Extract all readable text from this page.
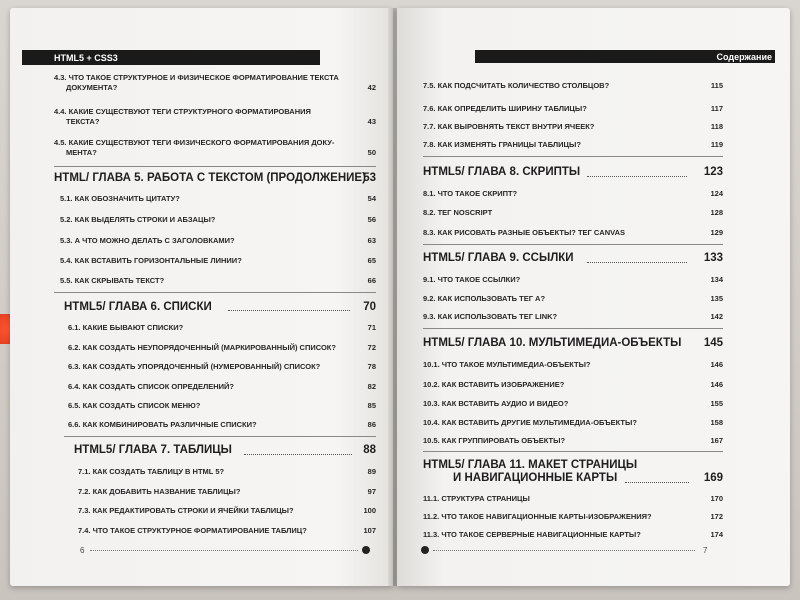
HTML5 + CSS3
4.3. ЧТО ТАКОЕ СТРУКТУРНОЕ И ФИЗИЧЕСКОЕ ФОРМАТИРОВАНИЕ ТЕКСТА
ДОКУМЕНТА?	42
4.4. КАКИЕ СУЩЕСТВУЮТ ТЕГИ СТРУКТУРНОГО ФОРМАТИРОВАНИЯ
ТЕКСТА?	43
4.5. КАКИЕ СУЩЕСТВУЮТ ТЕГИ ФИЗИЧЕСКОГО ФОРМАТИРОВАНИЯ ДОКУ-
МЕНТА?	50
HTML/ ГЛАВА 5. РАБОТА С ТЕКСТОМ (ПРОДОЛЖЕНИЕ)
53
5.1. КАК ОБОЗНАЧИТЬ ЦИТАТУ?	54
5.2. КАК ВЫДЕЛЯТЬ СТРОКИ И АБЗАЦЫ?	56
5.3. А ЧТО МОЖНО ДЕЛАТЬ С ЗАГОЛОВКАМИ?	63
5.4. КАК ВСТАВИТЬ ГОРИЗОНТАЛЬНЫЕ ЛИНИИ?	65
5.5. КАК СКРЫВАТЬ ТЕКСТ?	66
HTML5/ ГЛАВА 6. СПИСКИ	70
6.1. КАКИЕ БЫВАЮТ СПИСКИ?	71
6.2. КАК СОЗДАТЬ НЕУПОРЯДОЧЕННЫЙ (МАРКИРОВАННЫЙ) СПИСОК?	72
6.3. КАК СОЗДАТЬ УПОРЯДОЧЕННЫЙ (НУМЕРОВАННЫЙ) СПИСОК?	78
6.4. КАК СОЗДАТЬ СПИСОК ОПРЕДЕЛЕНИЙ?	82
6.5. КАК СОЗДАТЬ СПИСОК МЕНЮ?	85
6.6. КАК КОМБИНИРОВАТЬ РАЗЛИЧНЫЕ СПИСКИ?	86
HTML5/ ГЛАВА 7. ТАБЛИЦЫ	88
7.1. КАК СОЗДАТЬ ТАБЛИЦУ В HTML 5?	89
7.2. КАК ДОБАВИТЬ НАЗВАНИЕ ТАБЛИЦЫ?	97
7.3. КАК РЕДАКТИРОВАТЬ СТРОКИ И ЯЧЕЙКИ ТАБЛИЦЫ?	100
7.4. ЧТО ТАКОЕ СТРУКТУРНОЕ ФОРМАТИРОВАНИЕ ТАБЛИЦ?	107
6
Содержание
7.5. КАК ПОДСЧИТАТЬ КОЛИЧЕСТВО СТОЛБЦОВ?	115
7.6. КАК ОПРЕДЕЛИТЬ ШИРИНУ ТАБЛИЦЫ?	117
7.7. КАК ВЫРОВНЯТЬ ТЕКСТ ВНУТРИ ЯЧЕЕК?	118
7.8. КАК ИЗМЕНЯТЬ ГРАНИЦЫ ТАБЛИЦЫ?	119
HTML5/ ГЛАВА 8. СКРИПТЫ	123
8.1. ЧТО ТАКОЕ СКРИПТ?	124
8.2. ТЕГ NOSCRIPT	128
8.3. КАК РИСОВАТЬ РАЗНЫЕ ОБЪЕКТЫ? ТЕГ CANVAS	129
HTML5/ ГЛАВА 9. ССЫЛКИ	133
9.1. ЧТО ТАКОЕ ССЫЛКИ?	134
9.2. КАК ИСПОЛЬЗОВАТЬ ТЕГ А?	135
9.3. КАК ИСПОЛЬЗОВАТЬ ТЕГ LINK?	142
HTML5/ ГЛАВА 10. МУЛЬТИМЕДИА-ОБЪЕКТЫ 145
10.1. ЧТО ТАКОЕ МУЛЬТИМЕДИА-ОБЪЕКТЫ?	146
10.2. КАК ВСТАВИТЬ ИЗОБРАЖЕНИЕ?	146
10.3. КАК ВСТАВИТЬ АУДИО И ВИДЕО?	155
10.4. КАК ВСТАВИТЬ ДРУГИЕ МУЛЬТИМЕДИА-ОБЪЕКТЫ?	158
10.5. КАК ГРУППИРОВАТЬ ОБЪЕКТЫ?	167
HTML5/ ГЛАВА 11. МАКЕТ СТРАНИЦЫ
И НАВИГАЦИОННЫЕ КАРТЫ	169
11.1. СТРУКТУРА СТРАНИЦЫ	170
11.2. ЧТО ТАКОЕ НАВИГАЦИОННЫЕ КАРТЫ-ИЗОБРАЖЕНИЯ?	172
11.3. ЧТО ТАКОЕ СЕРВЕРНЫЕ НАВИГАЦИОННЫЕ КАРТЫ?	174
7
